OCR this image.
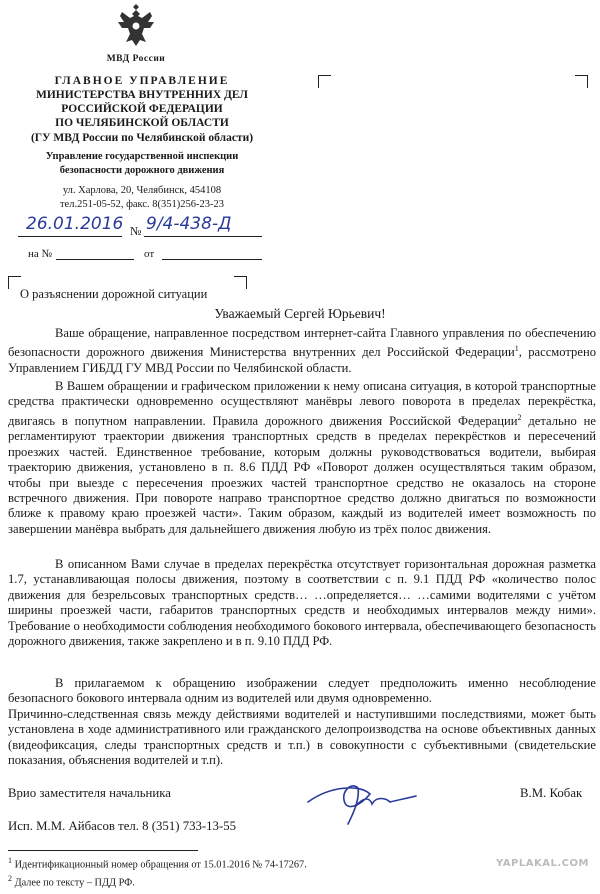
МВД России
ГЛАВНОЕ УПРАВЛЕНИЕ
МИНИСТЕРСТВА ВНУТРЕННИХ ДЕЛ
РОССИЙСКОЙ ФЕДЕРАЦИИ
ПО ЧЕЛЯБИНСКОЙ ОБЛАСТИ
(ГУ МВД России по Челябинской области)
Управление государственной инспекции
безопасности дорожного движения
ул. Харлова, 20, Челябинск, 454108
тел.251-05-52, факс. 8(351)256-23-23
26.01.2016 № 9/4-438-Д
на №	от
О разъяснении дорожной ситуации
Уважаемый Сергей Юрьевич!

Ваше обращение, направленное посредством интернет-сайта Главного управления по обеспечению безопасности дорожного движения Министерства внутренних дел Российской Федерации$^1$, рассмотрено Управлением ГИБДД ГУ МВД России по Челябинской области.

В Вашем обращении и графическом приложении к нему описана ситуация, в которой транспортные средства практически одновременно осуществляют манёвры левого поворота в пределах перекрёстка, двигаясь в попутном направлении. Правила дорожного движения Российской Федерации$^2$ детально не регламентируют траектории движения транспортных средств в пределах перекрёстков и пересечений проезжих частей. Единственное требование, которым должны руководствоваться водители, выбирая траекторию движения, установлено в п. 8.6 ПДД РФ «Поворот должен осуществляться таким образом, чтобы при выезде с пересечения проезжих частей транспортное средство не оказалось на стороне встречного движения. При повороте направо транспортное средство должно двигаться по возможности ближе к правому краю проезжей части». Таким образом, каждый из водителей имеет возможность по завершении манёвра выбрать для дальнейшего движения любую из трёх полос движения.

В описанном Вами случае в пределах перекрёстка отсутствует горизонтальная дорожная разметка 1.7, устанавливающая полосы движения, поэтому в соответствии с п. 9.1 ПДД РФ «количество полос движения для безрельсовых транспортных средств… …определяется… …самими водителями с учётом ширины проезжей части, габаритов транспортных средств и необходимых интервалов между ними». Требование о необходимости соблюдения необходимого бокового интервала, обеспечивающего безопасность дорожного движения, также закреплено и в п. 9.10 ПДД РФ.

В прилагаемом к обращению изображении следует предположить именно несоблюдение безопасного бокового интервала одним из водителей или двумя одновременно.

Причинно-следственная связь между действиями водителей и наступившими последствиями, может быть установлена в ходе административного или гражданского делопроизводства на основе объективных данных (видеофиксация, следы транспортных средств и т.п.) в совокупности с субъективными (свидетельские показания, объяснения водителей и т.п).

Врио заместителя начальника	В.М. Кобак
Исп. М.М. Айбасов тел. 8 (351) 733-13-55
$^1$ Идентификационный номер обращения от 15.01.2016 № 74-17267.
$^2$ Далее по тексту – ПДД РФ.
YAPLAKAL.COM
